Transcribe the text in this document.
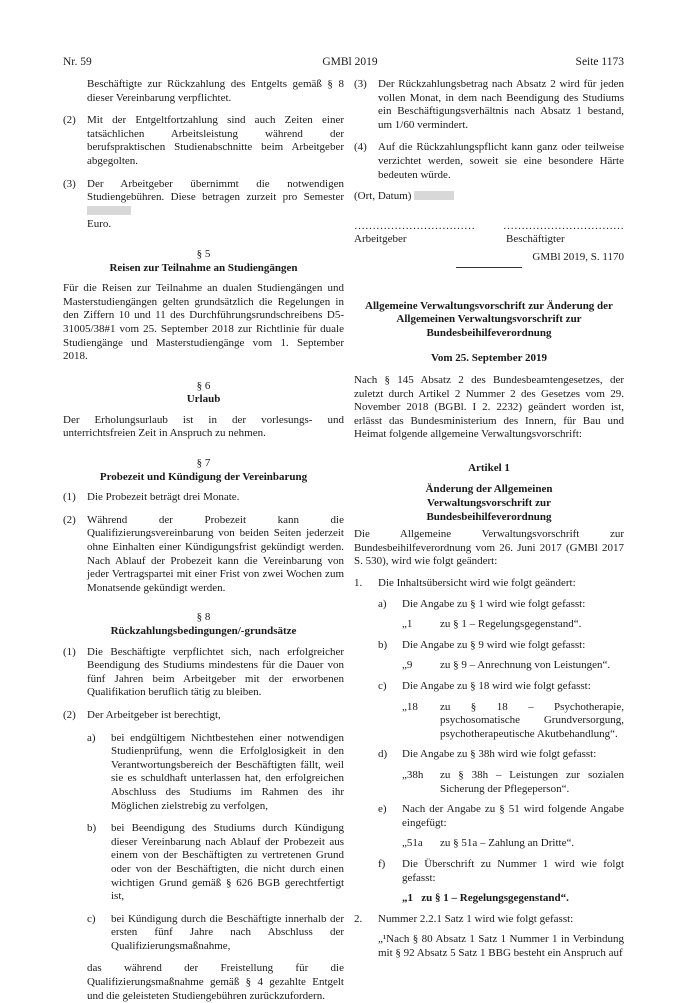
Nr. 59	GMBl 2019	Seite 1173

Beschäftigte zur Rückzahlung des Entgelts gemäß § 8 dieser Vereinbarung verpflichtet.

(2)	Mit der Entgeltfortzahlung sind auch Zeiten einer tatsächlichen Arbeitsleistung während der berufspraktischen Studienabschnitte beim Arbeitgeber abgegolten.
(3)	Der Arbeitgeber übernimmt die notwendigen Studiengebühren. Diese betragen zurzeit pro Semester
Euro.
§ 5
Reisen zur Teilnahme an Studiengängen

Für die Reisen zur Teilnahme an dualen Studiengängen und Masterstudiengängen gelten grundsätzlich die Regelungen in den Ziffern 10 und 11 des Durchführungsrundschreibens D5- 31005/38#1 vom 25. September 2018 zur Richtlinie für duale Studiengänge und Masterstudiengänge vom 1. September 2018.

§ 6
Urlaub

Der Erholungsurlaub ist in der vorlesungs- und unterrichtsfreien Zeit in Anspruch zu nehmen.

§ 7
Probezeit und Kündigung der Vereinbarung
(1)	Die Probezeit beträgt drei Monate.
(2)	Während der Probezeit kann die Qualifizierungsvereinbarung von beiden Seiten jederzeit ohne Einhalten einer Kündigungsfrist gekündigt werden. Nach Ablauf der Probezeit kann die Vereinbarung von jeder Vertragspartei mit einer Frist von zwei Wochen zum Monatsende gekündigt werden.
§ 8
Rückzahlungsbedingungen/-grundsätze
(1)	Die Beschäftigte verpflichtet sich, nach erfolgreicher Beendigung des Studiums mindestens für die Dauer von fünf Jahren beim Arbeitgeber mit der erworbenen Qualifikation beruflich tätig zu bleiben.
(2)	Der Arbeitgeber ist berechtigt,
a)	bei endgültigem Nichtbestehen einer notwendigen Studienprüfung, wenn die Erfolglosigkeit in den Verantwortungsbereich der Beschäftigten fällt, weil sie es schuldhaft unterlassen hat, den erfolgreichen Abschluss des Studiums im Rahmen des ihr Möglichen zielstrebig zu verfolgen,
b)	bei Beendigung des Studiums durch Kündigung dieser Vereinbarung nach Ablauf der Probezeit aus einem von der Beschäftigten zu vertretenen Grund oder von der Beschäftigten, die nicht durch einen wichtigen Grund gemäß § 626 BGB gerechtfertigt ist,
c)	bei Kündigung durch die Beschäftigte innerhalb der ersten fünf Jahre nach Abschluss der Qualifizierungsmaßnahme,

das während der Freistellung für die Qualifizierungsmaßnahme gemäß § 4 gezahlte Entgelt und die geleisteten Studiengebühren zurückzufordern.

(3)	Der Rückzahlungsbetrag nach Absatz 2 wird für jeden vollen Monat, in dem nach Beendigung des Studiums ein Beschäftigungsverhältnis nach Absatz 1 bestand, um 1/60 vermindert.
(4)	Auf die Rückzahlungspflicht kann ganz oder teilweise verzichtet werden, soweit sie eine besondere Härte bedeuten würde.
(Ort, Datum)
……………………………	……………………………
Arbeitgeber	Beschäftigter
GMBl 2019, S. 1170
Allgemeine Verwaltungsvorschrift zur Änderung der Allgemeinen Verwaltungsvorschrift zur Bundesbeihilfeverordnung
Vom 25. September 2019

Nach § 145 Absatz 2 des Bundesbeamtengesetzes, der zuletzt durch Artikel 2 Nummer 2 des Gesetzes vom 29. November 2018 (BGBl. I 2. 2232) geändert worden ist, erlässt das Bundesministerium des Innern, für Bau und Heimat folgende allgemeine Verwaltungsvorschrift:

Artikel 1
Änderung der Allgemeinen Verwaltungsvorschrift zur Bundesbeihilfeverordnung

Die Allgemeine Verwaltungsvorschrift zur Bundesbeihilfeverordnung vom 26. Juni 2017 (GMBl 2017 S. 530), wird wie folgt geändert:

1.	Die Inhaltsübersicht wird wie folgt geändert:
a)	Die Angabe zu § 1 wird wie folgt gefasst:
„1	zu § 1 – Regelungsgegenstand“.
b)	Die Angabe zu § 9 wird wie folgt gefasst:
„9	zu § 9 – Anrechnung von Leistungen“.
c)	Die Angabe zu § 18 wird wie folgt gefasst:
„18	zu § 18 – Psychotherapie, psychosomatische Grundversorgung, psychotherapeutische Akutbehandlung“.
d)	Die Angabe zu § 38h wird wie folgt gefasst:
„38h	zu § 38h – Leistungen zur sozialen Sicherung der Pflegeperson“.
e)	Nach der Angabe zu § 51 wird folgende Angabe eingefügt:
„51a	zu § 51a – Zahlung an Dritte“.
f)	Die Überschrift zu Nummer 1 wird wie folgt gefasst:
„1   zu § 1 – Regelungsgegenstand“.
2.	Nummer 2.2.1 Satz 1 wird wie folgt gefasst:

„¹Nach § 80 Absatz 1 Satz 1 Nummer 1 in Verbindung mit § 92 Absatz 5 Satz 1 BBG besteht ein Anspruch auf
